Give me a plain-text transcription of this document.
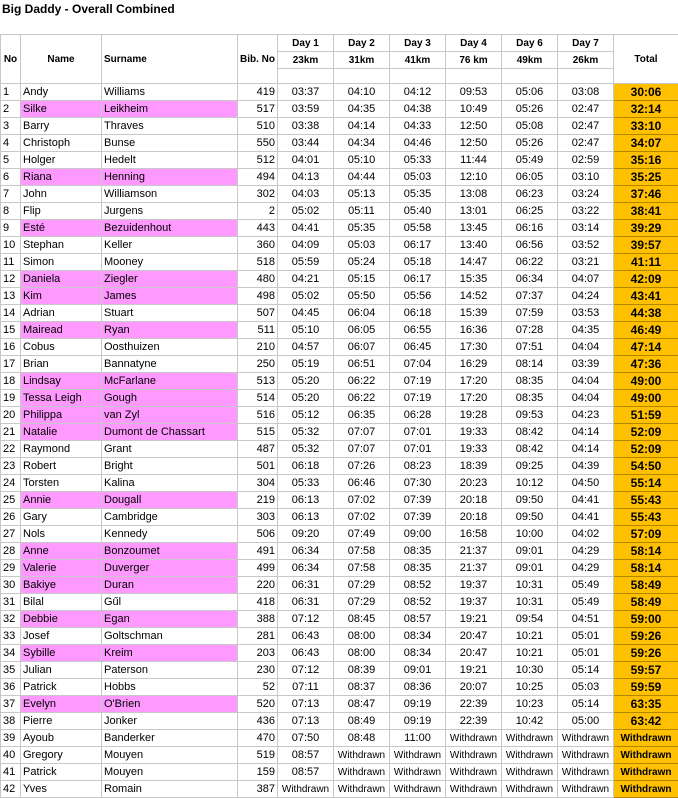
Big Daddy - Overall Combined
No	Name	Surname	Bib. No	Day 1	Day 2	Day 3	Day 4	Day 6	Day 7	Total
				23km	31km	41km	76 km	49km	26km	

1	Andy	Williams	419	03:37	04:10	04:12	09:53	05:06	03:08	30:06
2	Silke	Leikheim	517	03:59	04:35	04:38	10:49	05:26	02:47	32:14
3	Barry	Thraves	510	03:38	04:14	04:33	12:50	05:08	02:47	33:10
4	Christoph	Bunse	550	03:44	04:34	04:46	12:50	05:26	02:47	34:07
5	Holger	Hedelt	512	04:01	05:10	05:33	11:44	05:49	02:59	35:16
6	Riana	Henning	494	04:13	04:44	05:03	12:10	06:05	03:10	35:25
7	John	Williamson	302	04:03	05:13	05:35	13:08	06:23	03:24	37:46
8	Flip	Jurgens	2	05:02	05:11	05:40	13:01	06:25	03:22	38:41
9	Esté	Bezuidenhout	443	04:41	05:35	05:58	13:45	06:16	03:14	39:29
10	Stephan	Keller	360	04:09	05:03	06:17	13:40	06:56	03:52	39:57
11	Simon	Mooney	518	05:59	05:24	05:18	14:47	06:22	03:21	41:11
12	Daniela	Ziegler	480	04:21	05:15	06:17	15:35	06:34	04:07	42:09
13	Kim	James	498	05:02	05:50	05:56	14:52	07:37	04:24	43:41
14	Adrian	Stuart	507	04:45	06:04	06:18	15:39	07:59	03:53	44:38
15	Mairead	Ryan	511	05:10	06:05	06:55	16:36	07:28	04:35	46:49
16	Cobus	Oosthuizen	210	04:57	06:07	06:45	17:30	07:51	04:04	47:14
17	Brian	Bannatyne	250	05:19	06:51	07:04	16:29	08:14	03:39	47:36
18	Lindsay	McFarlane	513	05:20	06:22	07:19	17:20	08:35	04:04	49:00
19	Tessa Leigh	Gough	514	05:20	06:22	07:19	17:20	08:35	04:04	49:00
20	Philippa	van Zyl	516	05:12	06:35	06:28	19:28	09:53	04:23	51:59
21	Natalie	Dumont de Chassart	515	05:32	07:07	07:01	19:33	08:42	04:14	52:09
22	Raymond	Grant	487	05:32	07:07	07:01	19:33	08:42	04:14	52:09
23	Robert	Bright	501	06:18	07:26	08:23	18:39	09:25	04:39	54:50
24	Torsten	Kalina	304	05:33	06:46	07:30	20:23	10:12	04:50	55:14
25	Annie	Dougall	219	06:13	07:02	07:39	20:18	09:50	04:41	55:43
26	Gary	Cambridge	303	06:13	07:02	07:39	20:18	09:50	04:41	55:43
27	Nols	Kennedy	506	09:20	07:49	09:00	16:58	10:00	04:02	57:09
28	Anne	Bonzoumet	491	06:34	07:58	08:35	21:37	09:01	04:29	58:14
29	Valerie	Duverger	499	06:34	07:58	08:35	21:37	09:01	04:29	58:14
30	Bakiye	Duran	220	06:31	07:29	08:52	19:37	10:31	05:49	58:49
31	Bilal	Gűl	418	06:31	07:29	08:52	19:37	10:31	05:49	58:49
32	Debbie	Egan	388	07:12	08:45	08:57	19:21	09:54	04:51	59:00
33	Josef	Goltschman	281	06:43	08:00	08:34	20:47	10:21	05:01	59:26
34	Sybille	Kreim	203	06:43	08:00	08:34	20:47	10:21	05:01	59:26
35	Julian	Paterson	230	07:12	08:39	09:01	19:21	10:30	05:14	59:57
36	Patrick	Hobbs	52	07:11	08:37	08:36	20:07	10:25	05:03	59:59
37	Evelyn	O'Brien	520	07:13	08:47	09:19	22:39	10:23	05:14	63:35
38	Pierre	Jonker	436	07:13	08:49	09:19	22:39	10:42	05:00	63:42
39	Ayoub	Banderker	470	07:50	08:48	11:00	Withdrawn	Withdrawn	Withdrawn	Withdrawn
40	Gregory	Mouyen	519	08:57	Withdrawn	Withdrawn	Withdrawn	Withdrawn	Withdrawn	Withdrawn
41	Patrick	Mouyen	159	08:57	Withdrawn	Withdrawn	Withdrawn	Withdrawn	Withdrawn	Withdrawn
42	Yves	Romain	387	Withdrawn	Withdrawn	Withdrawn	Withdrawn	Withdrawn	Withdrawn	Withdrawn
